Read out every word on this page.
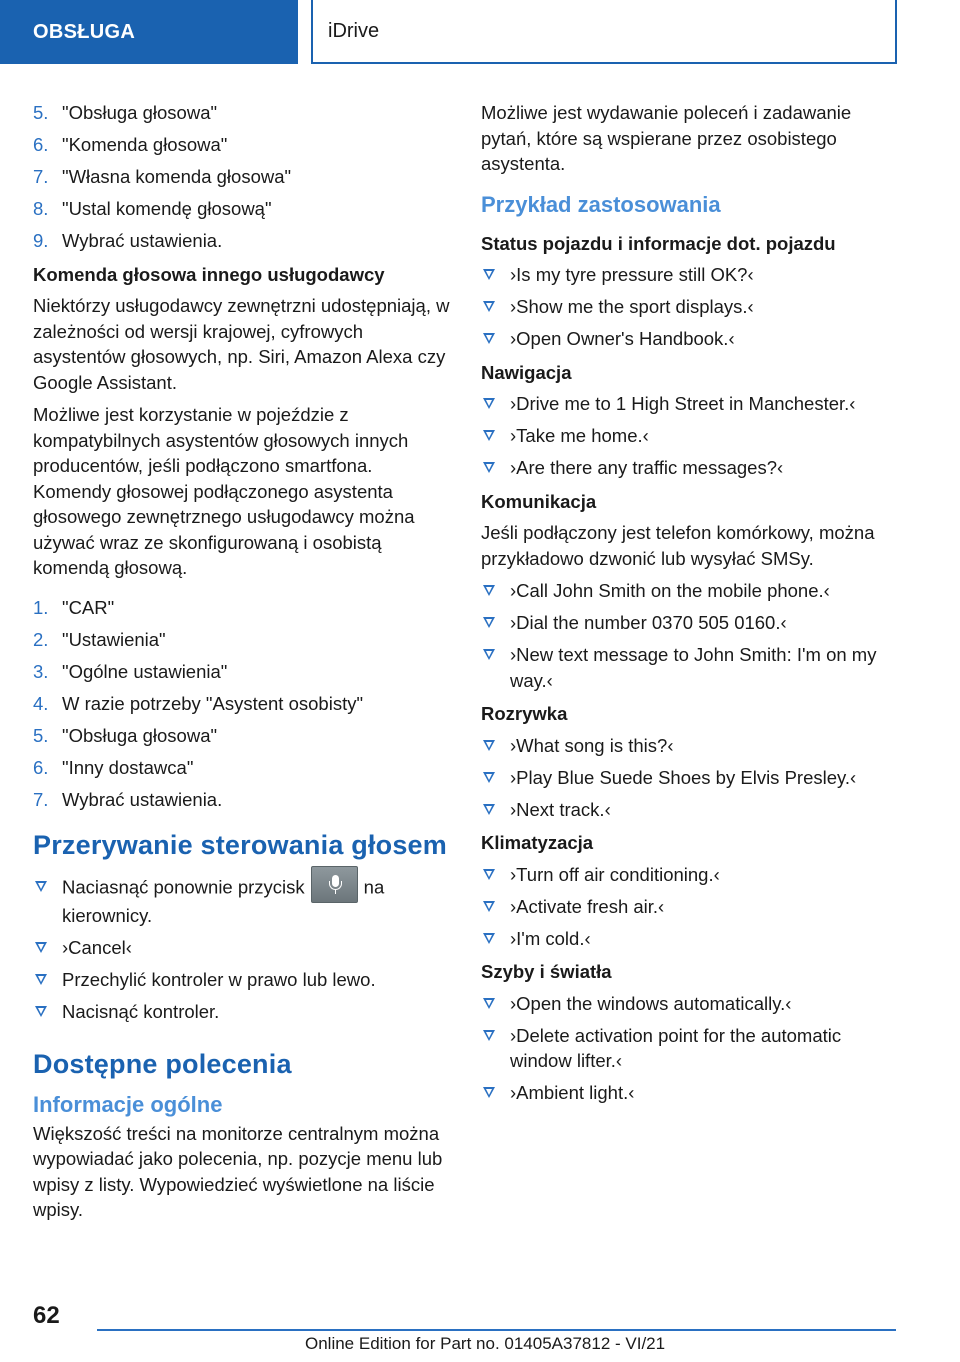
OBSŁUGA	iDrive
5. "Obsługa głosowa"
6. "Komenda głosowa"
7. "Własna komenda głosowa"
8. "Ustal komendę głosową"
9. Wybrać ustawienia.
Komenda głosowa innego usługodawcy

Niektórzy usługodawcy zewnętrzni udostępniają, w zależności od wersji krajowej, cyfrowych asystentów głosowych, np. Siri, Amazon Alexa czy Google Assistant.

Możliwe jest korzystanie w pojeździe z kompatybilnych asystentów głosowych innych producentów, jeśli podłączono smartfona. Komendy głosowej podłączonego asystenta głosowego zewnętrznego usługodawcy można używać wraz ze skonfigurowaną i osobistą komendą głosową.

1. "CAR"
2. "Ustawienia"
3. "Ogólne ustawienia"
4. W razie potrzeby "Asystent osobisty"
5. "Obsługa głosowa"
6. "Inny dostawca"
7. Wybrać ustawienia.
Przerywanie sterowania głosem
Naciasnąć ponownie przycisk	na kierownicy.
›Cancel‹
Przechylić kontroler w prawo lub lewo.
Nacisnąć kontroler.
Dostępne polecenia
Informacje ogólne

Większość treści na monitorze centralnym można wypowiadać jako polecenia, np. pozycje menu lub wpisy z listy. Wypowiedzieć wyświetlone na liście wpisy.

Możliwe jest wydawanie poleceń i zadawanie pytań, które są wspierane przez osobistego asystenta.

Przykład zastosowania
Status pojazdu i informacje dot. pojazdu
›Is my tyre pressure still OK?‹
›Show me the sport displays.‹
›Open Owner's Handbook.‹
Nawigacja
›Drive me to 1 High Street in Manchester.‹
›Take me home.‹
›Are there any traffic messages?‹
Komunikacja

Jeśli podłączony jest telefon komórkowy, można przykładowo dzwonić lub wysyłać SMSy.

›Call John Smith on the mobile phone.‹
›Dial the number 0370 505 0160.‹
›New text message to John Smith: I'm on my way.‹
Rozrywka
›What song is this?‹
›Play Blue Suede Shoes by Elvis Presley.‹
›Next track.‹
Klimatyzacja
›Turn off air conditioning.‹
›Activate fresh air.‹
›I'm cold.‹
Szyby i światła
›Open the windows automatically.‹
›Delete activation point for the automatic window lifter.‹
›Ambient light.‹
62
Online Edition for Part no. 01405A37812 - VI/21
